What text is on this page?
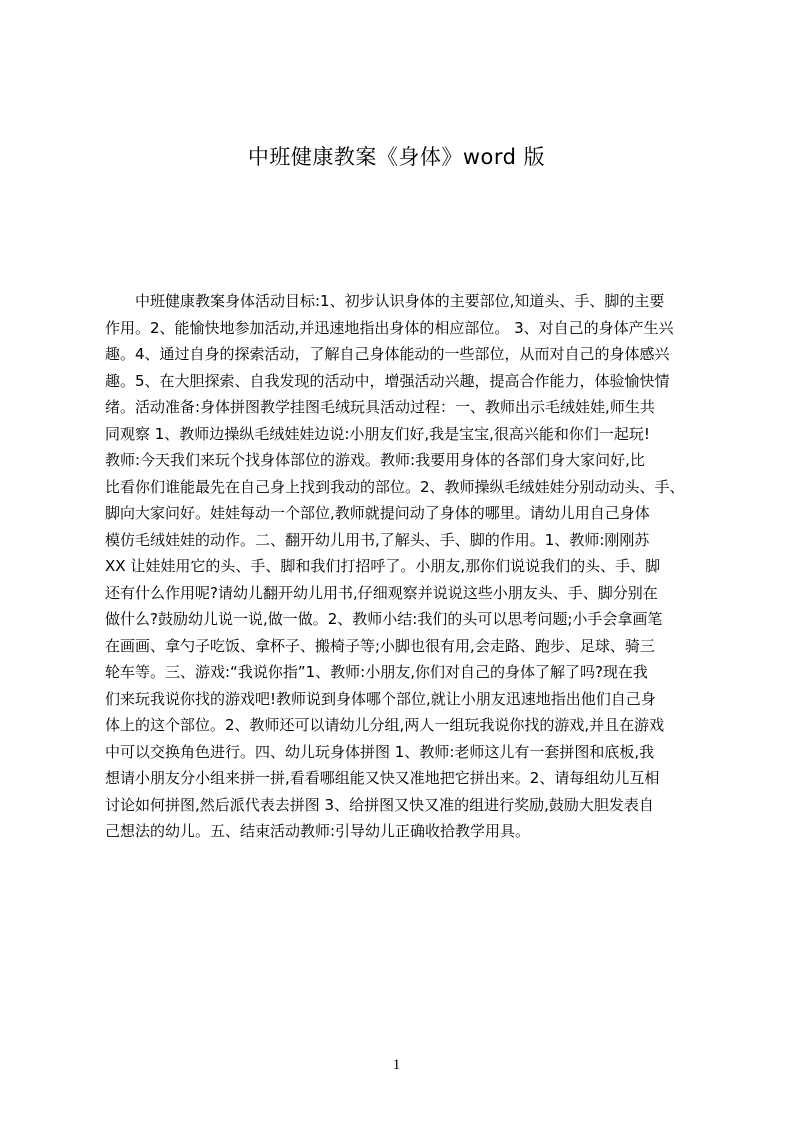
中班健康教案《身体》word 版
　　中班健康教案身体活动目标:1、初步认识身体的主要部位,知道头、手、脚的主要
作用。2、能愉快地参加活动,并迅速地指出身体的相应部位。 3、对自己的身体产生兴
趣。4、通过自身的探索活动，了解自己身体能动的一些部位，从而对自己的身体感兴
趣。5、在大胆探索、自我发现的活动中，增强活动兴趣，提高合作能力，体验愉快情
绪。活动准备:身体拼图教学挂图毛绒玩具活动过程：一、教师出示毛绒娃娃,师生共
同观察 1、教师边操纵毛绒娃娃边说:小朋友们好,我是宝宝,很高兴能和你们一起玩!
教师:今天我们来玩个找身体部位的游戏。教师:我要用身体的各部们身大家问好,比
比看你们谁能最先在自己身上找到我动的部位。2、教师操纵毛绒娃娃分别动动头、手、
脚向大家问好。娃娃每动一个部位,教师就提问动了身体的哪里。请幼儿用自己身体
模仿毛绒娃娃的动作。二、翻开幼儿用书,了解头、手、脚的作用。1、教师:刚刚苏
XX 让娃娃用它的头、手、脚和我们打招呼了。小朋友,那你们说说我们的头、手、脚
还有什么作用呢?请幼儿翻开幼儿用书,仔细观察并说说这些小朋友头、手、脚分别在
做什么?鼓励幼儿说一说,做一做。2、教师小结:我们的头可以思考问题;小手会拿画笔
在画画、拿勺子吃饭、拿杯子、搬椅子等;小脚也很有用,会走路、跑步、足球、骑三
轮车等。三、游戏:“我说你指”1、教师:小朋友,你们对自己的身体了解了吗?现在我
们来玩我说你找的游戏吧!教师说到身体哪个部位,就让小朋友迅速地指出他们自己身
体上的这个部位。2、教师还可以请幼儿分组,两人一组玩我说你找的游戏,并且在游戏
中可以交换角色进行。四、幼儿玩身体拼图 1、教师:老师这儿有一套拼图和底板,我
想请小朋友分小组来拼一拼,看看哪组能又快又准地把它拼出来。2、请每组幼儿互相
讨论如何拼图,然后派代表去拼图 3、给拼图又快又准的组进行奖励,鼓励大胆发表自
己想法的幼儿。五、结束活动教师:引导幼儿正确收拾教学用具。
1
